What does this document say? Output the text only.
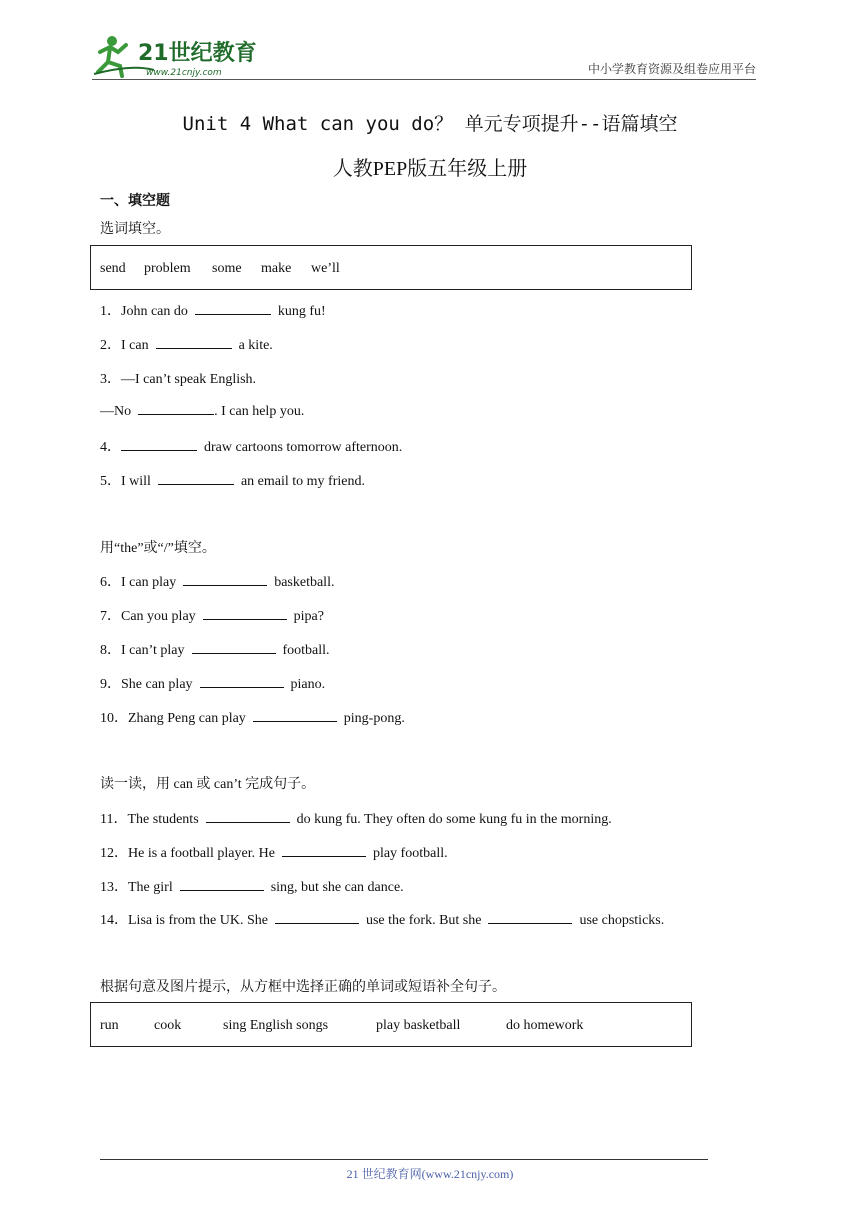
21世纪教育
www.21cnjy.com	中小学教育资源及组卷应用平台
Unit 4 What can you do？ 单元专项提升--语篇填空
人教PEP版五年级上册
一、填空题
选词填空。
send problem some make we’ll
1．John can do	kung fu!
2．I can	a kite.
3．—I can’t speak English.
—No	. I can help you.
4．	draw cartoons tomorrow afternoon.
5．I will	an email to my friend.
用“the”或“/”填空。
6．I can play	basketball.
7．Can you play	pipa?
8．I can’t play	football.
9．She can play	piano.
10．Zhang Peng can play	ping-pong.
读一读，用 can 或 can’t 完成句子。
11．The students	do kung fu. They often do some kung fu in the morning.
12．He is a football player. He	play football.
13．The girl	sing, but she can dance.
14．Lisa is from the UK. She	use the fork. But she	use chopsticks.
根据句意及图片提示，从方框中选择正确的单词或短语补全句子。
run	cook	sing English songs	play basketball	do homework
21 世纪教育网(www.21cnjy.com)
